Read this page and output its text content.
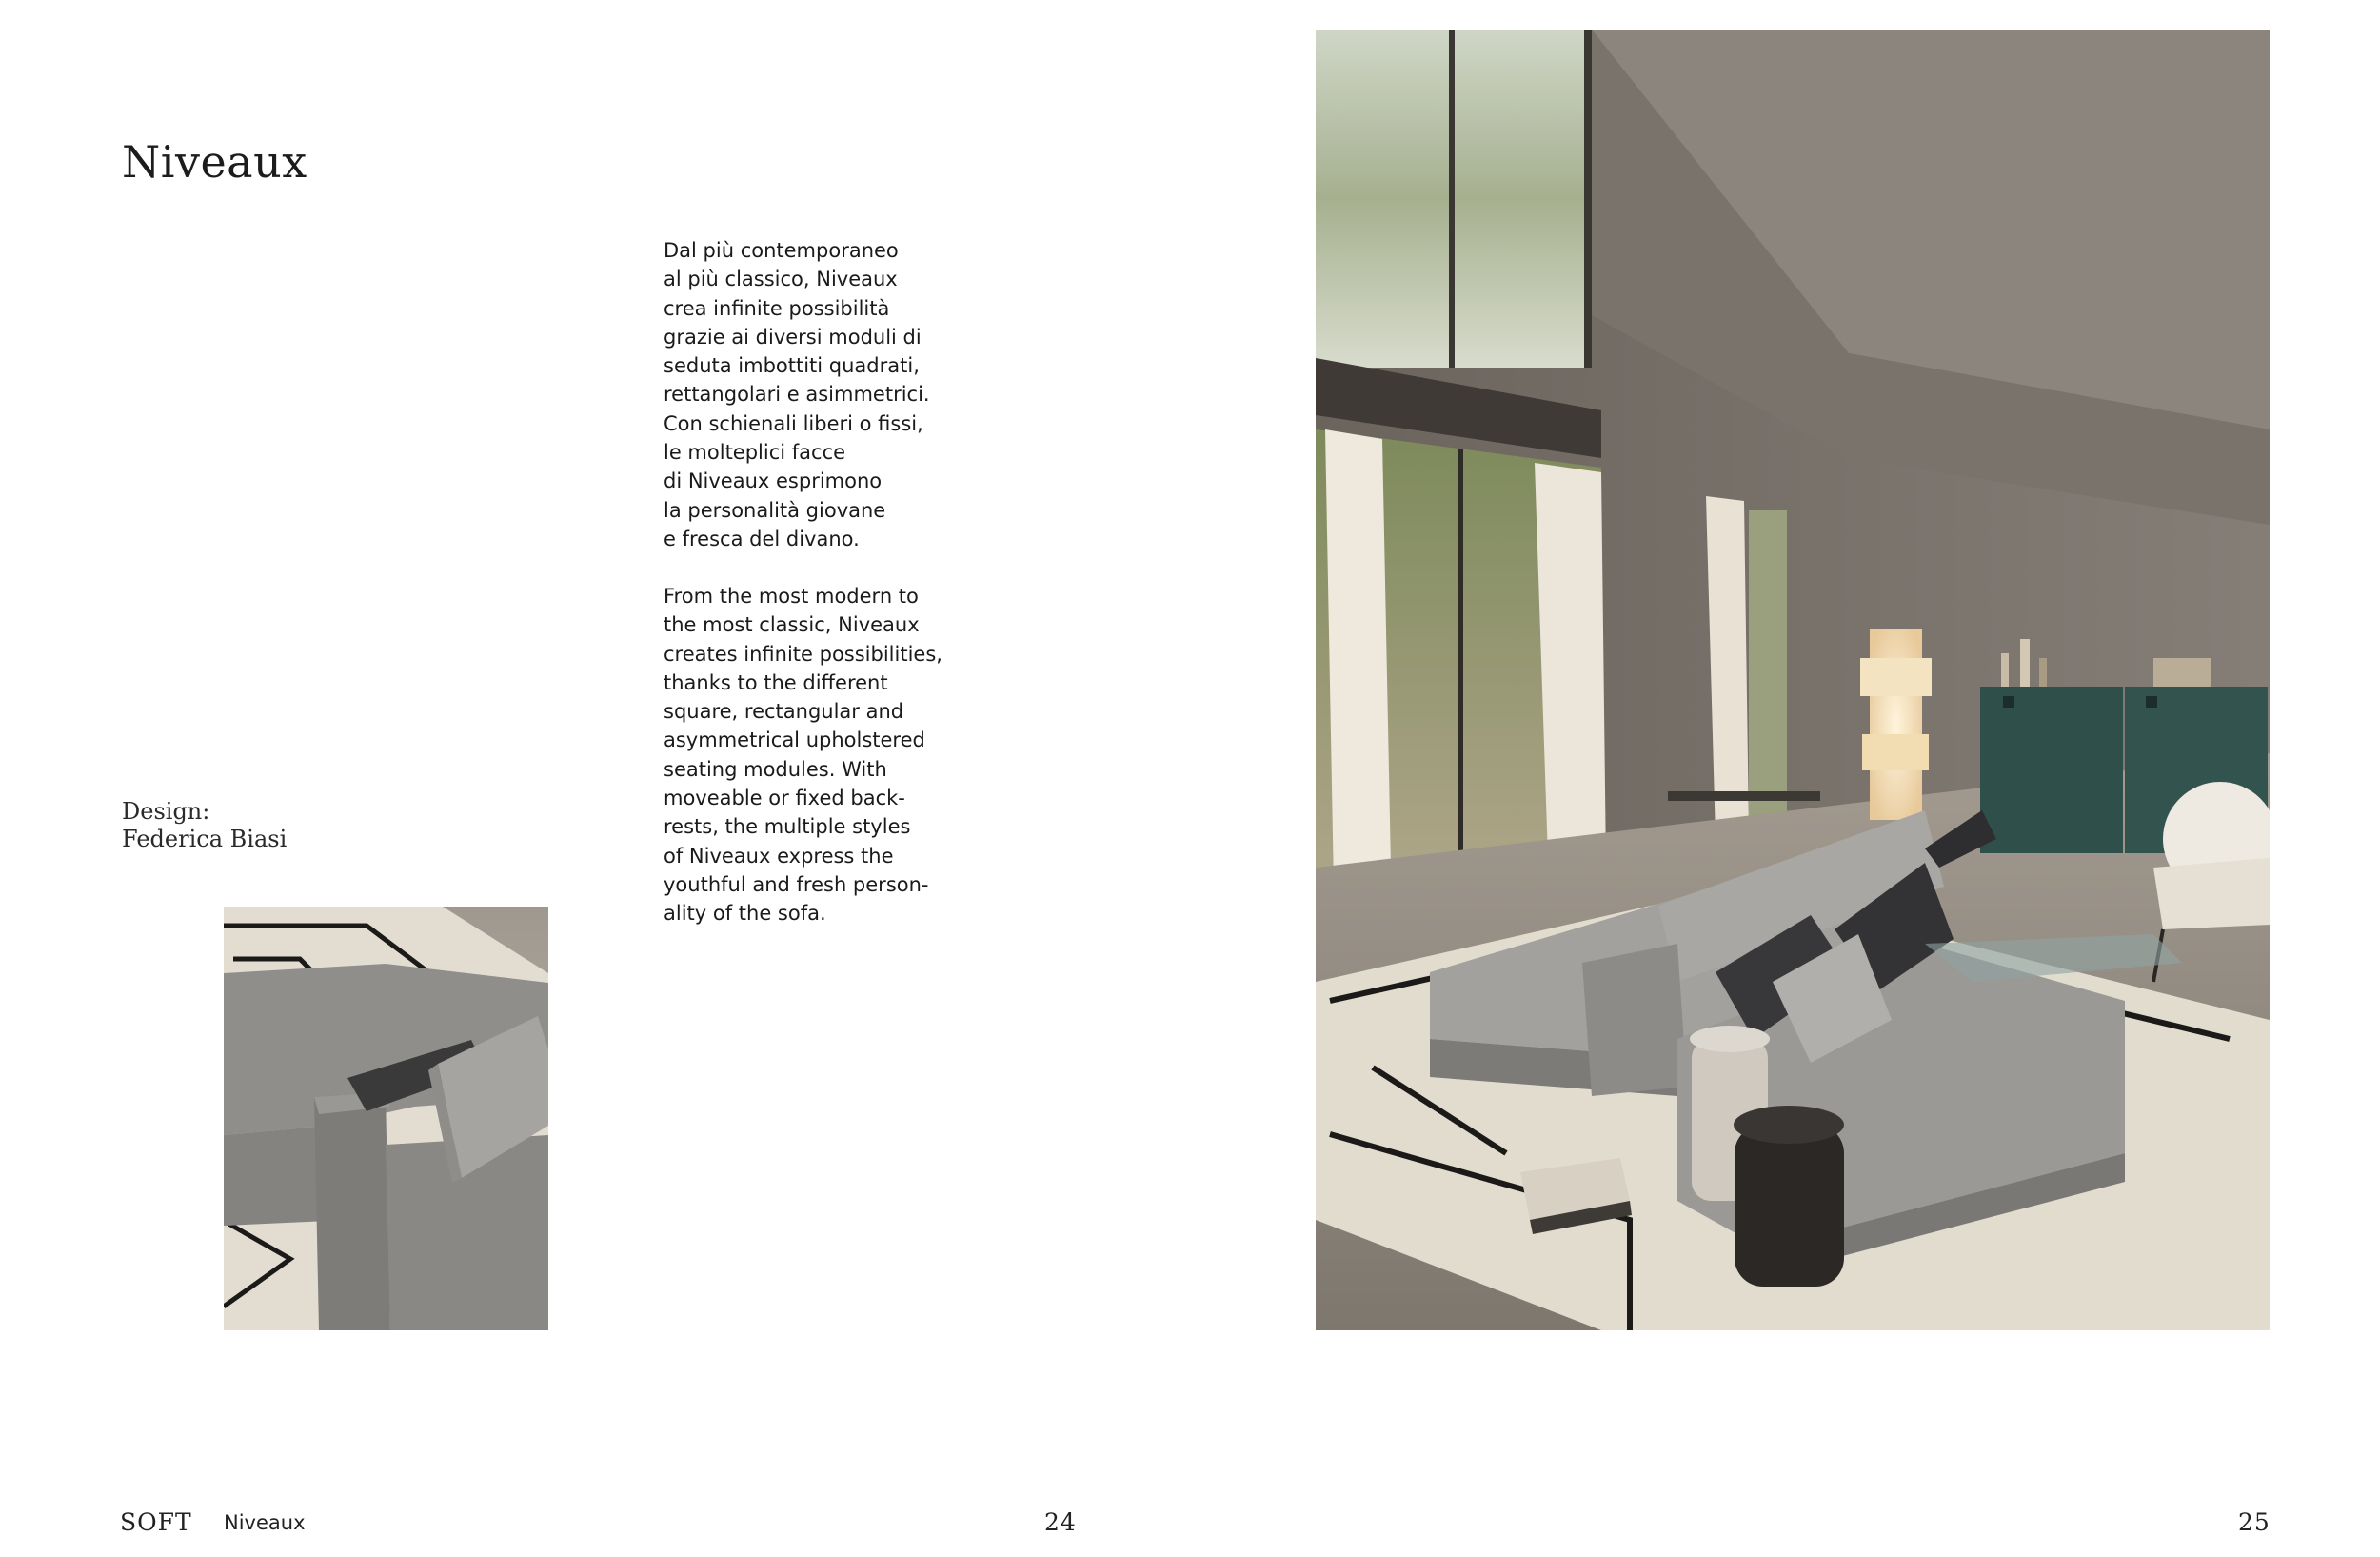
Niveaux
Design:
Federica Biasi
Dal più contemporaneo
al più classico, Niveaux
crea infinite possibilità
grazie ai diversi moduli di
seduta imbottiti quadrati,
rettangolari e asimmetrici.
Con schienali liberi o fissi,
le molteplici facce
di Niveaux esprimono
la personalità giovane
e fresca del divano.
From the most modern to
the most classic, Niveaux
creates infinite possibilities,
thanks to the different
square, rectangular and
asymmetrical upholstered
seating modules. With
moveable or fixed back-
rests, the multiple styles
of Niveaux express the
youthful and fresh person-
ality of the sofa.
SOFT Niveaux	24	25
